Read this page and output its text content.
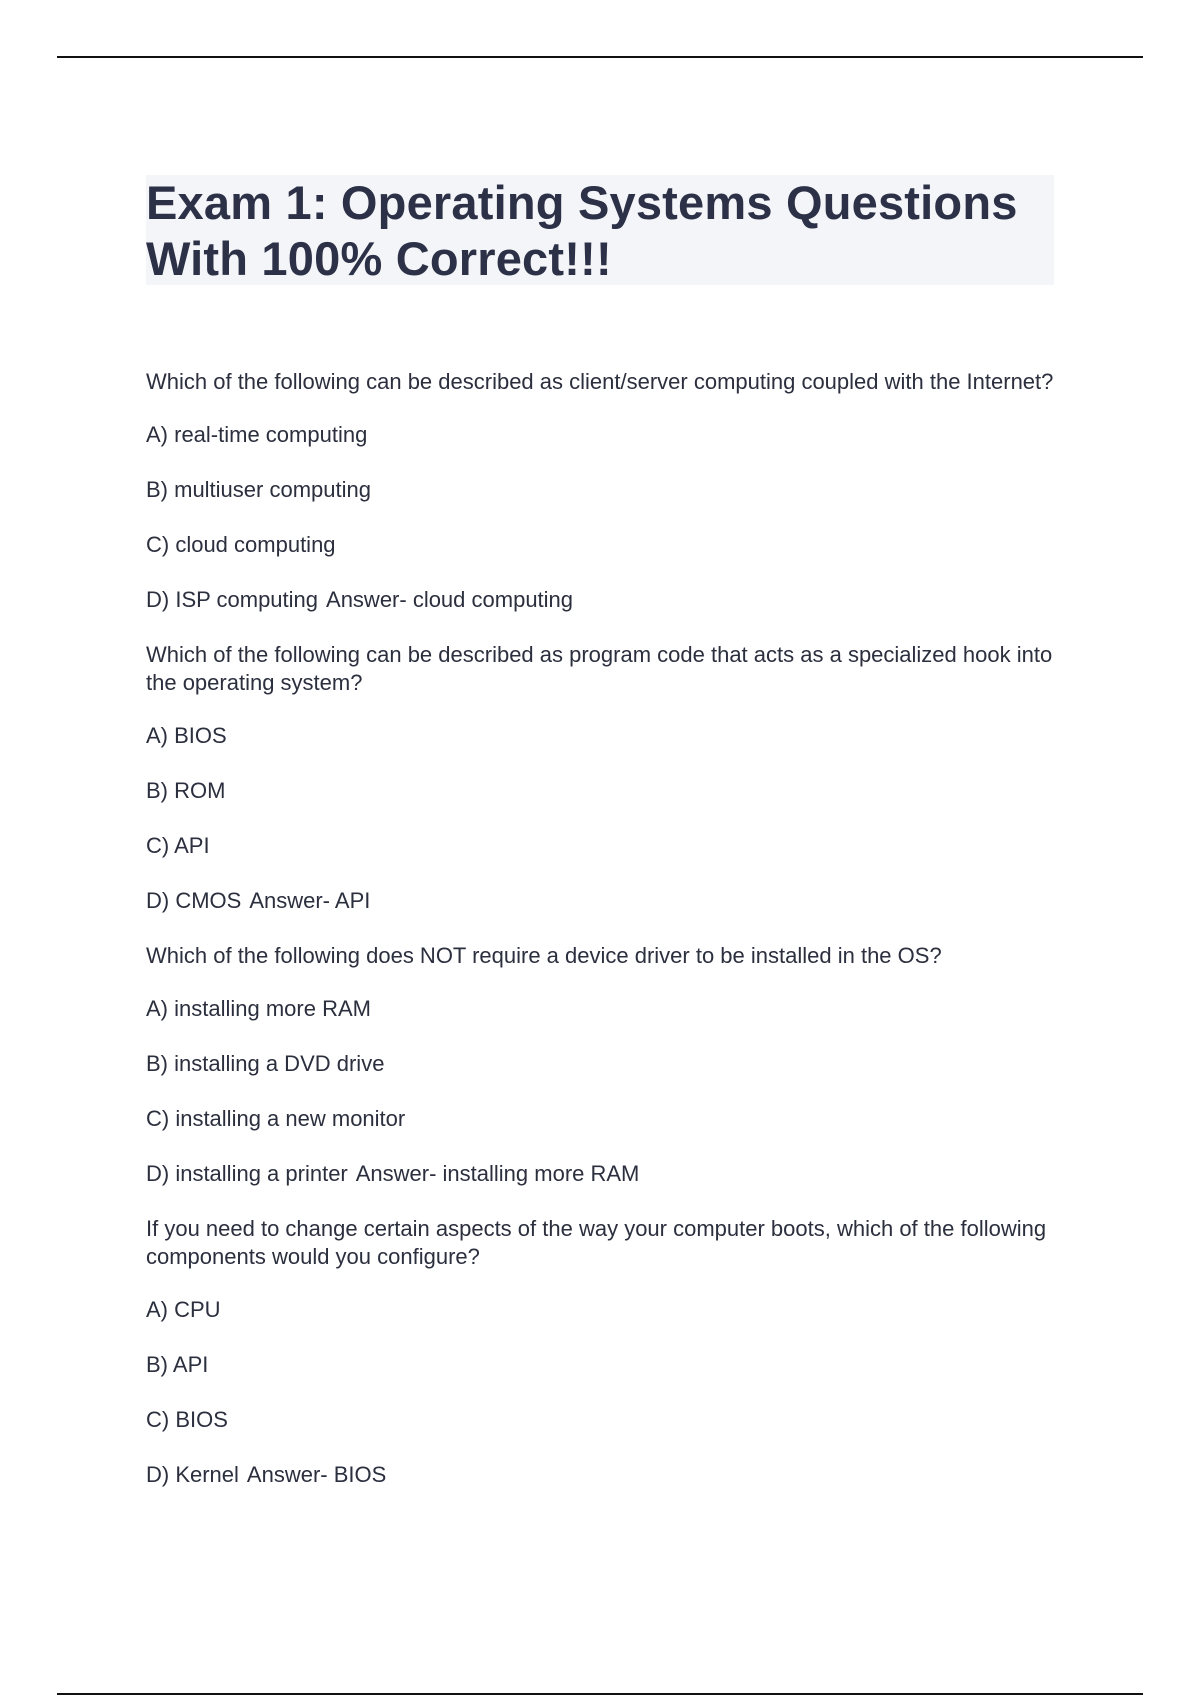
Exam 1: Operating Systems Questions With 100% Correct!!!

Which of the following can be described as client/server computing coupled with the Internet?

A) real-time computing

B) multiuser computing

C) cloud computing

D) ISP computing Answer- cloud computing

Which of the following can be described as program code that acts as a specialized hook into the operating system?

A) BIOS

B) ROM

C) API

D) CMOS Answer- API

Which of the following does NOT require a device driver to be installed in the OS?

A) installing more RAM

B) installing a DVD drive

C) installing a new monitor

D) installing a printer Answer- installing more RAM

If you need to change certain aspects of the way your computer boots, which of the following components would you configure?

A) CPU

B) API

C) BIOS

D) Kernel Answer- BIOS
